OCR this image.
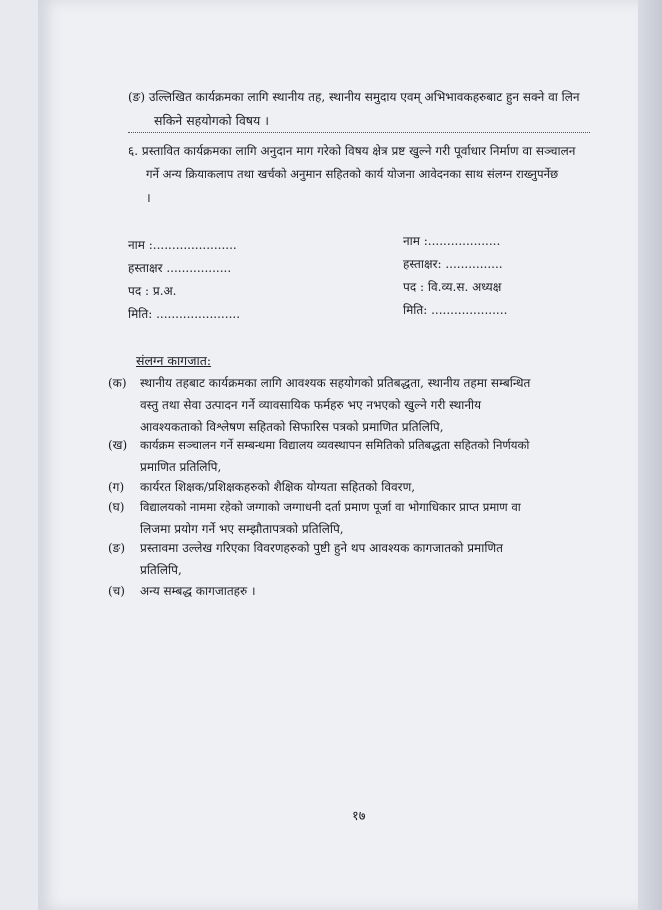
(ङ) उल्लिखित कार्यक्रमका लागि स्थानीय तह, स्थानीय समुदाय एवम् अभिभावकहरुबाट हुन सक्ने वा लिन
सकिने सहयोगको विषय ।
६. प्रस्तावित कार्यक्रमका लागि अनुदान माग गरेको विषय क्षेत्र प्रष्ट खुल्ने गरी पूर्वाधार निर्माण वा सञ्चालन
गर्ने अन्य क्रियाकलाप तथा खर्चको अनुमान सहितको कार्य योजना आवेदनका साथ संलग्न राख्नुपर्नेछ
।
नाम :......................
हस्ताक्षर .................
पद : प्र.अ.
मिति: ......................
नाम :...................
हस्ताक्षर: ...............
पद : वि.व्य.स. अध्यक्ष
मिति: ....................
संलग्न कागजात:
(क) स्थानीय तहबाट कार्यक्रमका लागि आवश्यक सहयोगको प्रतिबद्धता, स्थानीय तहमा सम्बन्धित
वस्तु तथा सेवा उत्पादन गर्ने व्यावसायिक फर्महरु भए नभएको खुल्ने गरी स्थानीय
आवश्यकताको विश्लेषण सहितको सिफारिस पत्रको प्रमाणित प्रतिलिपि,
(ख) कार्यक्रम सञ्चालन गर्ने सम्बन्धमा विद्यालय व्यवस्थापन समितिको प्रतिबद्धता सहितको निर्णयको
प्रमाणित प्रतिलिपि,
(ग) कार्यरत शिक्षक/प्रशिक्षकहरुको शैक्षिक योग्यता सहितको विवरण,
(घ) विद्यालयको नाममा रहेको जग्गाको जग्गाधनी दर्ता प्रमाण पूर्जा वा भोगाधिकार प्राप्त प्रमाण वा
लिजमा प्रयोग गर्ने भए सम्झौतापत्रको प्रतिलिपि,
(ङ) प्रस्तावमा उल्लेख गरिएका विवरणहरुको पुष्टी हुने थप आवश्यक कागजातको प्रमाणित
प्रतिलिपि,
(च) अन्य सम्बद्ध कागजातहरु ।
१७
